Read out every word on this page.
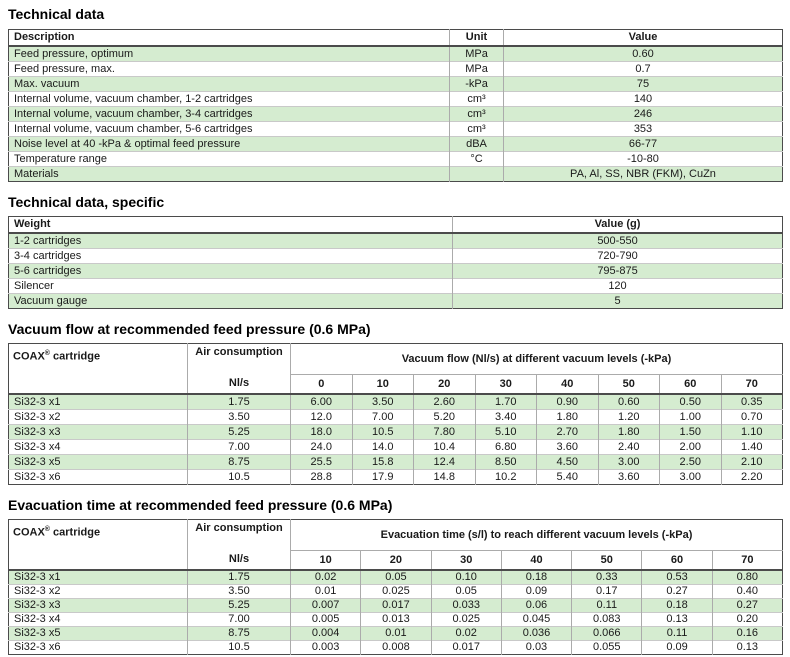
Technical data
Description	Unit	Value
Feed pressure, optimum	MPa	0.60
Feed pressure, max.	MPa	0.7
Max. vacuum	-kPa	75
Internal volume, vacuum chamber, 1-2 cartridges	cm³	140
Internal volume, vacuum chamber, 3-4 cartridges	cm³	246
Internal volume, vacuum chamber, 5-6 cartridges	cm³	353
Noise level at 40 -kPa & optimal feed pressure	dBA	66-77
Temperature range	°C	-10-80
Materials		PA, Al, SS, NBR (FKM), CuZn
Technical data, specific
Weight	Value (g)
1-2 cartridges	500-550
3-4 cartridges	720-790
5-6 cartridges	795-875
Silencer	120
Vacuum gauge	5
Vacuum flow at recommended feed pressure (0.6 MPa)
COAX® cartridge	Air consumption
Nl/s	Vacuum flow (Nl/s) at different vacuum levels (-kPa)							
		0	10	20	30	40	50	60	70
Si32-3 x1	1.75	6.00	3.50	2.60	1.70	0.90	0.60	0.50	0.35
Si32-3 x2	3.50	12.0	7.00	5.20	3.40	1.80	1.20	1.00	0.70
Si32-3 x3	5.25	18.0	10.5	7.80	5.10	2.70	1.80	1.50	1.10
Si32-3 x4	7.00	24.0	14.0	10.4	6.80	3.60	2.40	2.00	1.40
Si32-3 x5	8.75	25.5	15.8	12.4	8.50	4.50	3.00	2.50	2.10
Si32-3 x6	10.5	28.8	17.9	14.8	10.2	5.40	3.60	3.00	2.20
Evacuation time at recommended feed pressure (0.6 MPa)
COAX® cartridge	Air consumption
Nl/s	Evacuation time (s/l) to reach different vacuum levels (-kPa)						
		10	20	30	40	50	60	70
Si32-3 x1	1.75	0.02	0.05	0.10	0.18	0.33	0.53	0.80
Si32-3 x2	3.50	0.01	0.025	0.05	0.09	0.17	0.27	0.40
Si32-3 x3	5.25	0.007	0.017	0.033	0.06	0.11	0.18	0.27
Si32-3 x4	7.00	0.005	0.013	0.025	0.045	0.083	0.13	0.20
Si32-3 x5	8.75	0.004	0.01	0.02	0.036	0.066	0.11	0.16
Si32-3 x6	10.5	0.003	0.008	0.017	0.03	0.055	0.09	0.13
